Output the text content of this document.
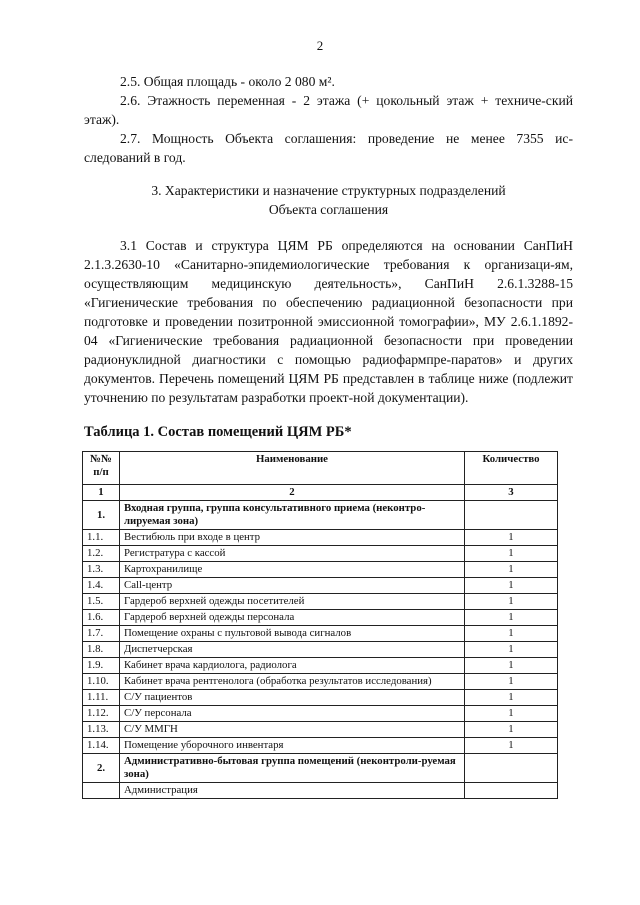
2

2.5. Общая площадь - около 2 080 м².

2.6. Этажность переменная - 2 этажа (+ цокольный этаж + техниче-ский этаж).

2.7. Мощность Объекта соглашения: проведение не менее 7355 ис-следований в год.

3. Характеристики и назначение структурных подразделений
Объекта соглашения

3.1 Состав и структура ЦЯМ РБ определяются на основании СанПиН 2.1.3.2630-10 «Санитарно-эпидемиологические требования к организаци-ям, осуществляющим медицинскую деятельность», СанПиН 2.6.1.3288-15 «Гигиенические требования по обеспечению радиационной безопасности при подготовке и проведении позитронной эмиссионной томографии», МУ 2.6.1.1892-04 «Гигиенические требования радиационной безопасности при проведении радионуклидной диагностики с помощью радиофармпре-паратов» и других документов. Перечень помещений ЦЯМ РБ представлен в таблице ниже (подлежит уточнению по результатам разработки проект-ной документации).

Таблица 1. Состав помещений ЦЯМ РБ*
№№ п/п	Наименование	Количество
1	2	3
1.	Входная группа, группа консультативного приема (неконтро-лируемая зона)	
1.1.	Вестибюль при входе в центр	1
1.2.	Регистратура с кассой	1
1.3.	Картохранилище	1
1.4.	Call-центр	1
1.5.	Гардероб верхней одежды посетителей	1
1.6.	Гардероб верхней одежды персонала	1
1.7.	Помещение охраны с пультовой вывода сигналов	1
1.8.	Диспетчерская	1
1.9.	Кабинет врача кардиолога, радиолога	1
1.10.	Кабинет врача рентгенолога (обработка результатов исследования)	1
1.11.	С/У пациентов	1
1.12.	С/У персонала	1
1.13.	С/У ММГН	1
1.14.	Помещение уборочного инвентаря	1
2.	Административно-бытовая группа помещений (неконтроли-руемая зона)	
	Администрация	
